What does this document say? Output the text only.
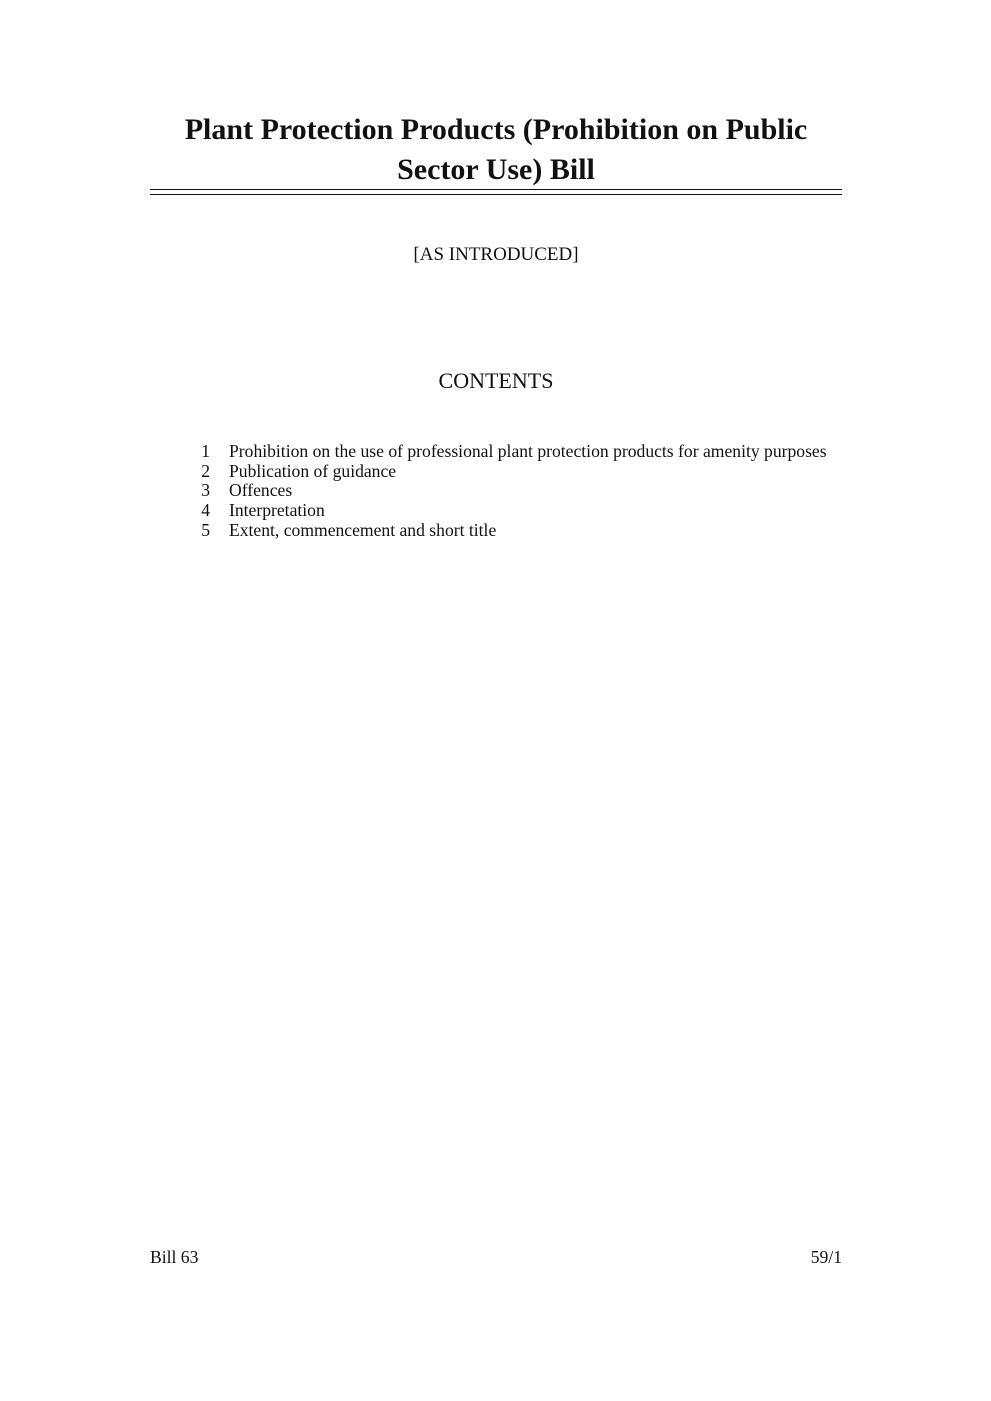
Plant Protection Products (Prohibition on Public Sector Use) Bill
[AS INTRODUCED]
CONTENTS
1 Prohibition on the use of professional plant protection products for amenity purposes
2 Publication of guidance
3 Offences
4 Interpretation
5 Extent, commencement and short title
Bill 63	59/1
